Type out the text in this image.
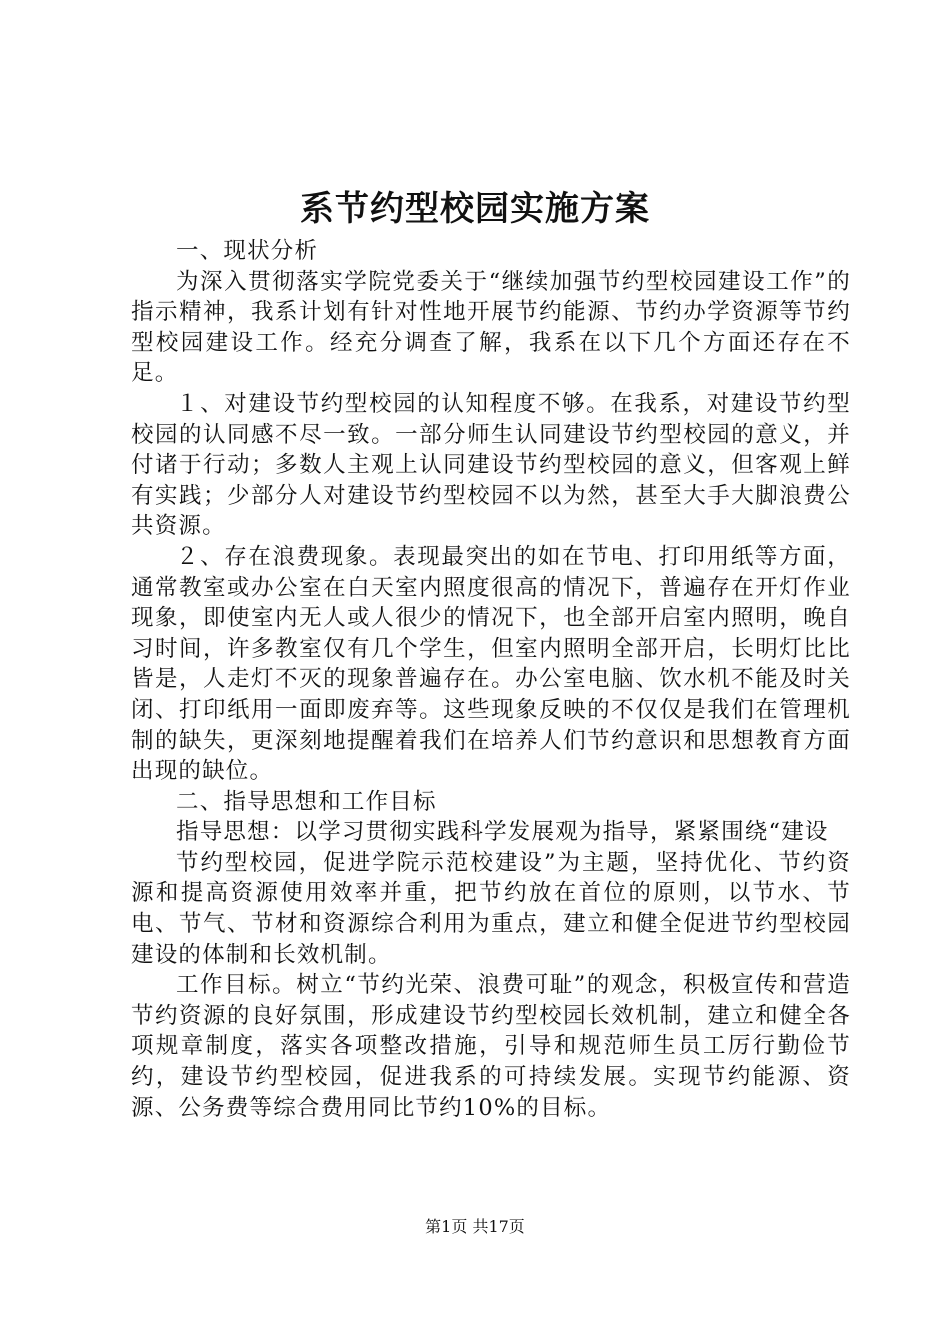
系节约型校园实施方案

一、现状分析

为深入贯彻落实学院党委关于“继续加强节约型校园建设工作”的指示精神，我系计划有针对性地开展节约能源、节约办学资源等节约型校园建设工作。经充分调查了解，我系在以下几个方面还存在不足。

１、对建设节约型校园的认知程度不够。在我系，对建设节约型校园的认同感不尽一致。一部分师生认同建设节约型校园的意义，并付诸于行动；多数人主观上认同建设节约型校园的意义，但客观上鲜有实践；少部分人对建设节约型校园不以为然，甚至大手大脚浪费公共资源。

２、存在浪费现象。表现最突出的如在节电、打印用纸等方面，通常教室或办公室在白天室内照度很高的情况下，普遍存在开灯作业现象，即使室内无人或人很少的情况下，也全部开启室内照明，晚自习时间，许多教室仅有几个学生，但室内照明全部开启，长明灯比比皆是，人走灯不灭的现象普遍存在。办公室电脑、饮水机不能及时关闭、打印纸用一面即废弃等。这些现象反映的不仅仅是我们在管理机制的缺失，更深刻地提醒着我们在培养人们节约意识和思想教育方面出现的缺位。

二、指导思想和工作目标

指导思想：以学习贯彻实践科学发展观为指导，紧紧围绕“建设

节约型校园，促进学院示范校建设”为主题，坚持优化、节约资源和提高资源使用效率并重，把节约放在首位的原则，以节水、节电、节气、节材和资源综合利用为重点，建立和健全促进节约型校园建设的体制和长效机制。

工作目标。树立“节约光荣、浪费可耻”的观念，积极宣传和营造节约资源的良好氛围，形成建设节约型校园长效机制，建立和健全各项规章制度，落实各项整改措施，引导和规范师生员工厉行勤俭节约，建设节约型校园，促进我系的可持续发展。实现节约能源、资源、公务费等综合费用同比节约10%的目标。

第1页 共17页
